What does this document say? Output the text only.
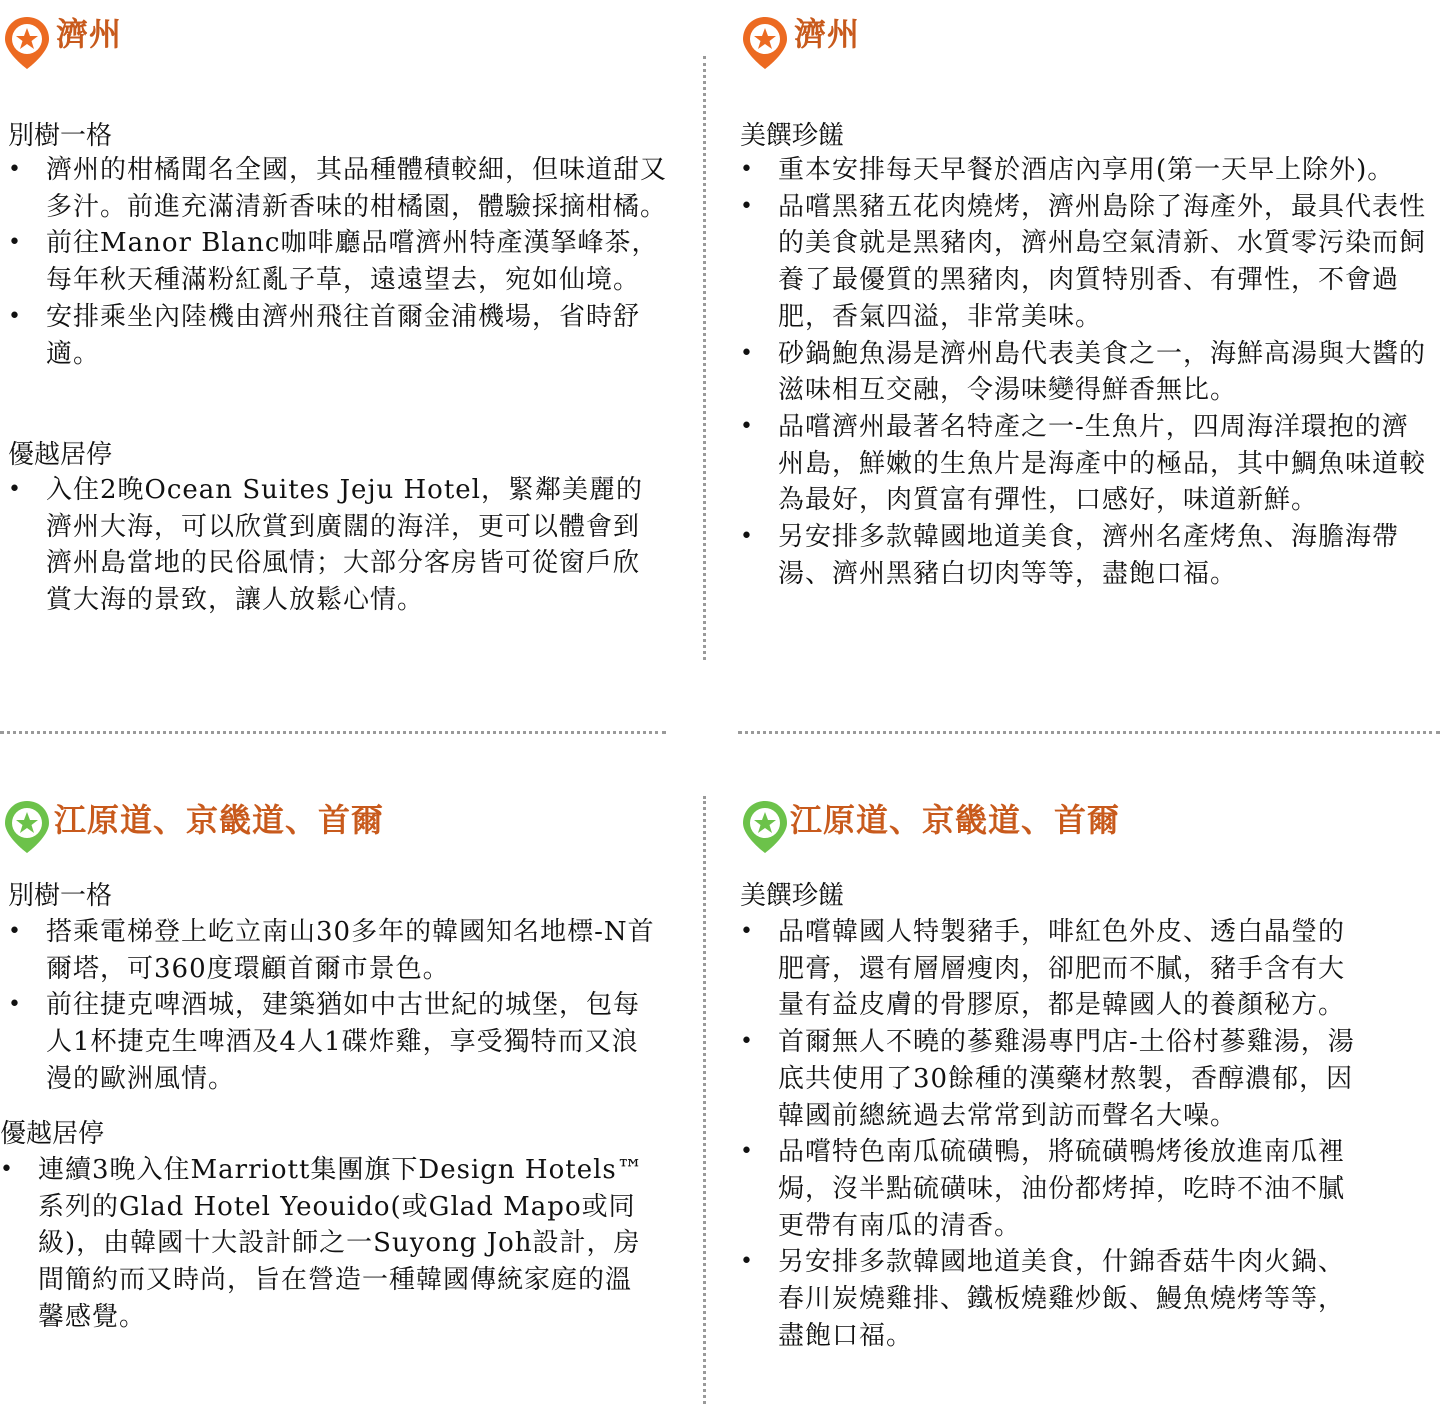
濟州
別樹一格
• 濟州的柑橘聞名全國，其品種體積較細，但味道甜又多汁。前進充滿清新香味的柑橘園，體驗採摘柑橘。
• 前往Manor Blanc咖啡廳品嚐濟州特產漢拏峰茶，每年秋天種滿粉紅亂子草，遠遠望去，宛如仙境。
• 安排乘坐內陸機由濟州飛往首爾金浦機場，省時舒適。
優越居停
• 入住2晚Ocean Suites Jeju Hotel，緊鄰美麗的濟州大海，可以欣賞到廣闊的海洋，更可以體會到濟州島當地的民俗風情；大部分客房皆可從窗戶欣賞大海的景致，讓人放鬆心情。
濟州
美饌珍饈
• 重本安排每天早餐於酒店內享用(第一天早上除外)。
• 品嚐黑豬五花肉燒烤，濟州島除了海產外，最具代表性的美食就是黑豬肉，濟州島空氣清新、水質零污染而飼養了最優質的黑豬肉，肉質特別香、有彈性，不會過肥，香氣四溢，非常美味。
• 砂鍋鮑魚湯是濟州島代表美食之一，海鮮高湯與大醬的滋味相互交融，令湯味變得鮮香無比。
• 品嚐濟州最著名特產之一-生魚片，四周海洋環抱的濟州島，鮮嫩的生魚片是海產中的極品，其中鯛魚味道較為最好，肉質富有彈性，口感好，味道新鮮。
• 另安排多款韓國地道美食，濟州名產烤魚、海膽海帶湯、濟州黑豬白切肉等等，盡飽口福。
江原道、京畿道、首爾
別樹一格
• 搭乘電梯登上屹立南山30多年的韓國知名地標-N首爾塔，可360度環顧首爾市景色。
• 前往捷克啤酒城，建築猶如中古世紀的城堡，包每人1杯捷克生啤酒及4人1碟炸雞，享受獨特而又浪漫的歐洲風情。
優越居停
• 連續3晚入住Marriott集團旗下Design Hotels™系列的Glad Hotel Yeouido(或Glad Mapo或同級)，由韓國十大設計師之一Suyong Joh設計，房間簡約而又時尚，旨在營造一種韓國傳統家庭的溫馨感覺。
江原道、京畿道、首爾
美饌珍饈
• 品嚐韓國人特製豬手，啡紅色外皮、透白晶瑩的肥膏，還有層層瘦肉，卻肥而不膩，豬手含有大量有益皮膚的骨膠原，都是韓國人的養顏秘方。
• 首爾無人不曉的蔘雞湯專門店-土俗村蔘雞湯，湯底共使用了30餘種的漢藥材熬製，香醇濃郁，因韓國前總統過去常常到訪而聲名大噪。
• 品嚐特色南瓜硫磺鴨，將硫磺鴨烤後放進南瓜裡焗，沒半點硫磺味，油份都烤掉，吃時不油不膩更帶有南瓜的清香。
• 另安排多款韓國地道美食，什錦香菇牛肉火鍋、春川炭燒雞排、鐵板燒雞炒飯、鰻魚燒烤等等，盡飽口福。
